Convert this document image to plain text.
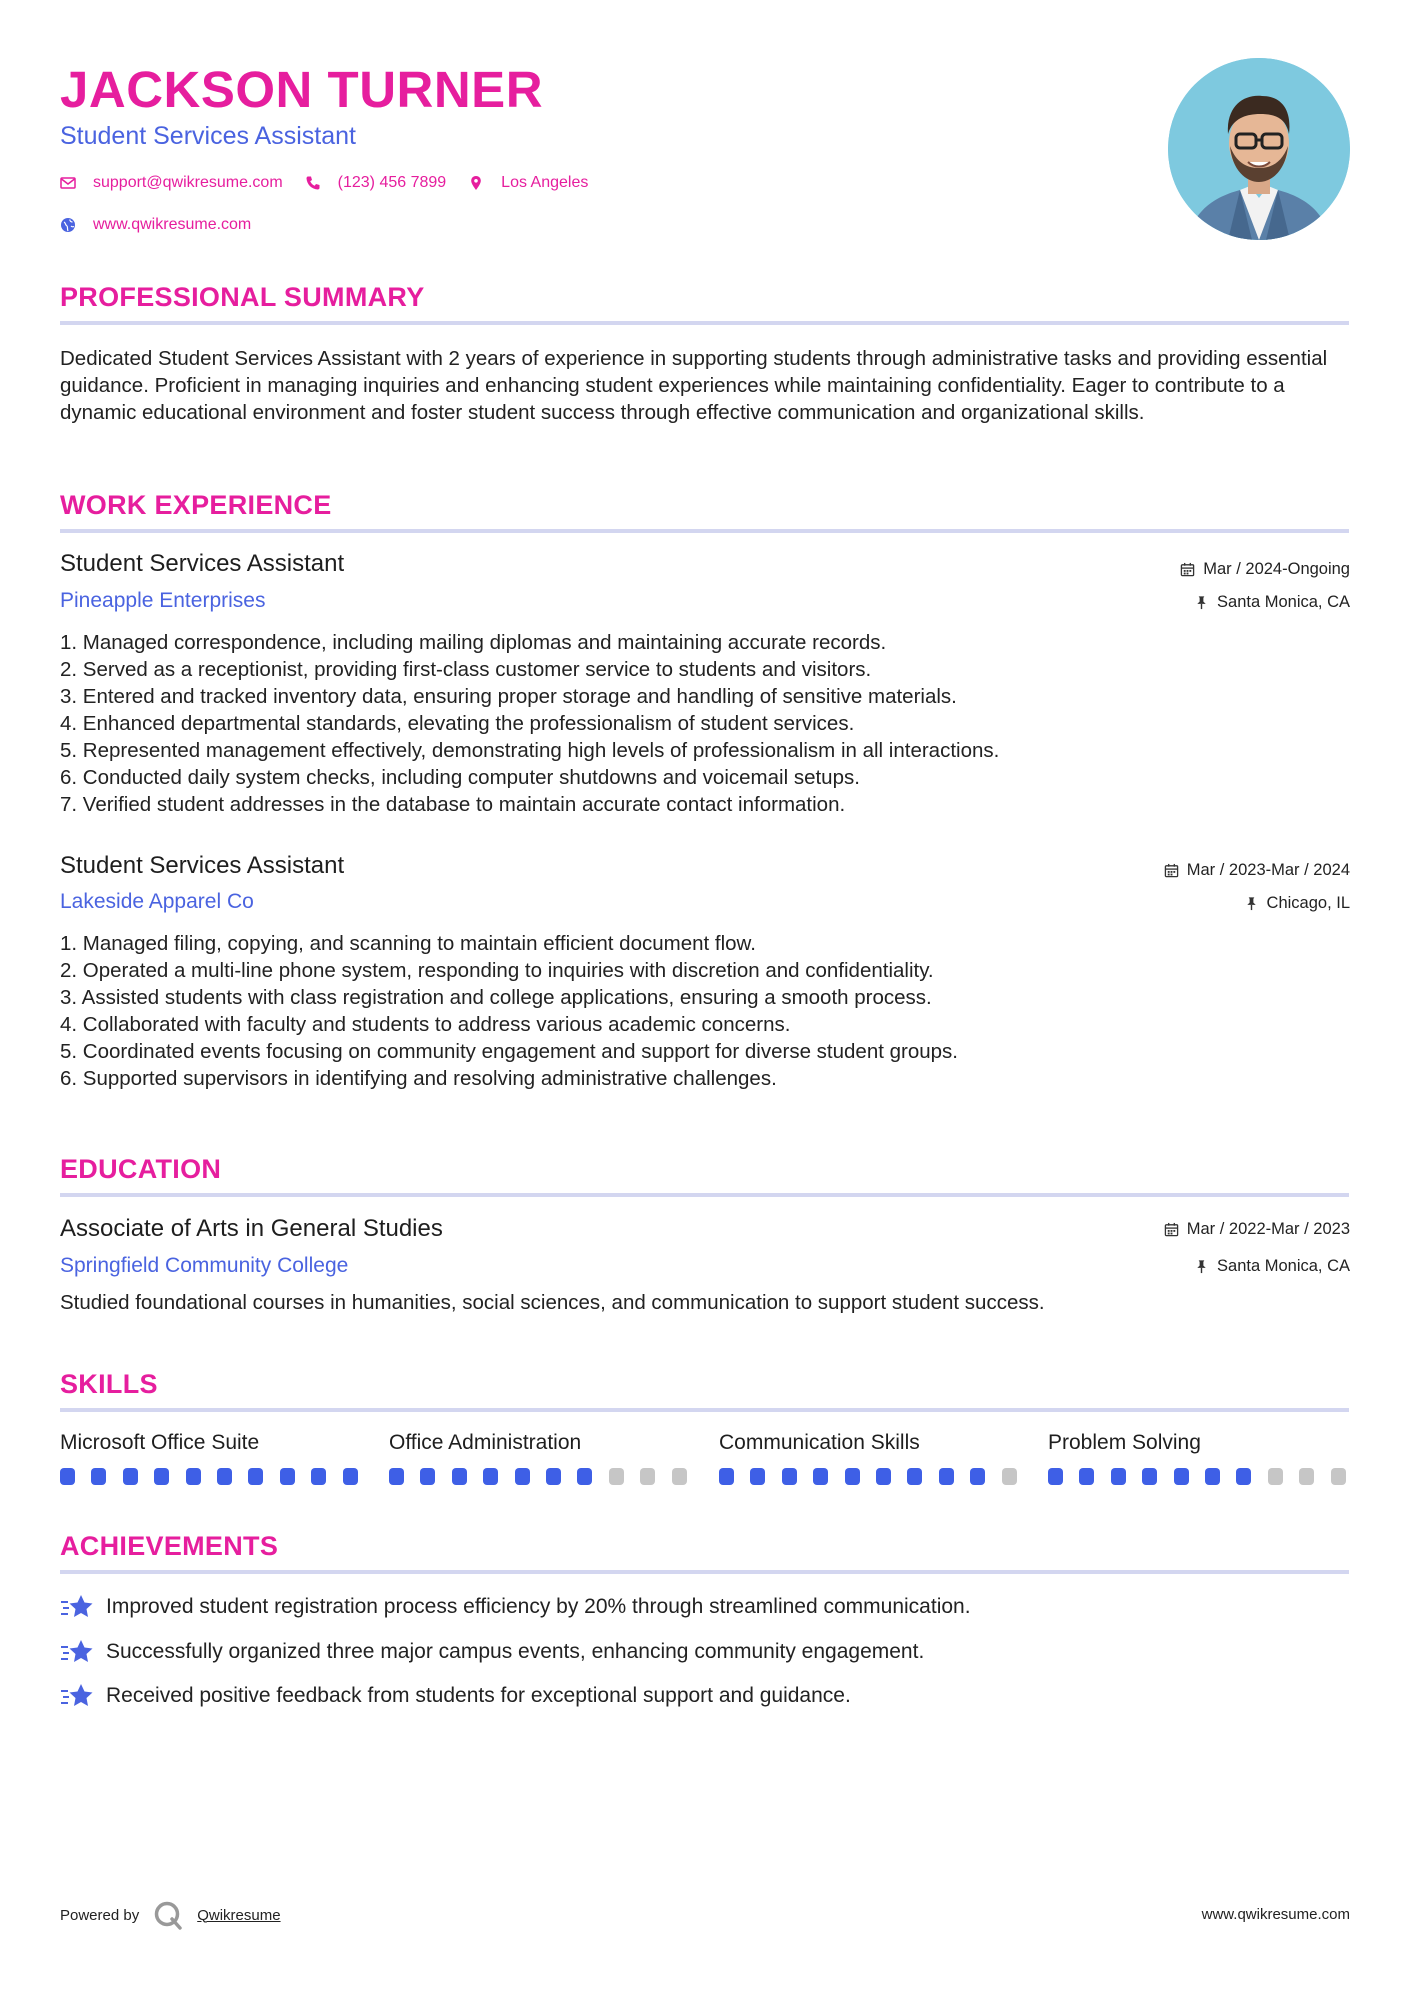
JACKSON TURNER
Student Services Assistant
support@qwikresume.com	(123) 456 7899	Los Angeles
www.qwikresume.com
PROFESSIONAL SUMMARY
Dedicated Student Services Assistant with 2 years of experience in supporting students through administrative tasks and providing essential guidance. Proficient in managing inquiries and enhancing student experiences while maintaining confidentiality. Eager to contribute to a dynamic educational environment and foster student success through effective communication and organizational skills.
WORK EXPERIENCE
Student Services Assistant
Pineapple Enterprises
Mar / 2024-Ongoing
Santa Monica, CA
1. Managed correspondence, including mailing diplomas and maintaining accurate records.
2. Served as a receptionist, providing first-class customer service to students and visitors.
3. Entered and tracked inventory data, ensuring proper storage and handling of sensitive materials.
4. Enhanced departmental standards, elevating the professionalism of student services.
5. Represented management effectively, demonstrating high levels of professionalism in all interactions.
6. Conducted daily system checks, including computer shutdowns and voicemail setups.
7. Verified student addresses in the database to maintain accurate contact information.
Student Services Assistant
Lakeside Apparel Co
Mar / 2023-Mar / 2024
Chicago, IL
1. Managed filing, copying, and scanning to maintain efficient document flow.
2. Operated a multi-line phone system, responding to inquiries with discretion and confidentiality.
3. Assisted students with class registration and college applications, ensuring a smooth process.
4. Collaborated with faculty and students to address various academic concerns.
5. Coordinated events focusing on community engagement and support for diverse student groups.
6. Supported supervisors in identifying and resolving administrative challenges.
EDUCATION
Associate of Arts in General Studies
Springfield Community College
Mar / 2022-Mar / 2023
Santa Monica, CA
Studied foundational courses in humanities, social sciences, and communication to support student success.
SKILLS
Microsoft Office Suite	Office Administration	Communication Skills	Problem Solving
ACHIEVEMENTS
Improved student registration process efficiency by 20% through streamlined communication.
Successfully organized three major campus events, enhancing community engagement.
Received positive feedback from students for exceptional support and guidance.
Powered by	Qwikresume	www.qwikresume.com
